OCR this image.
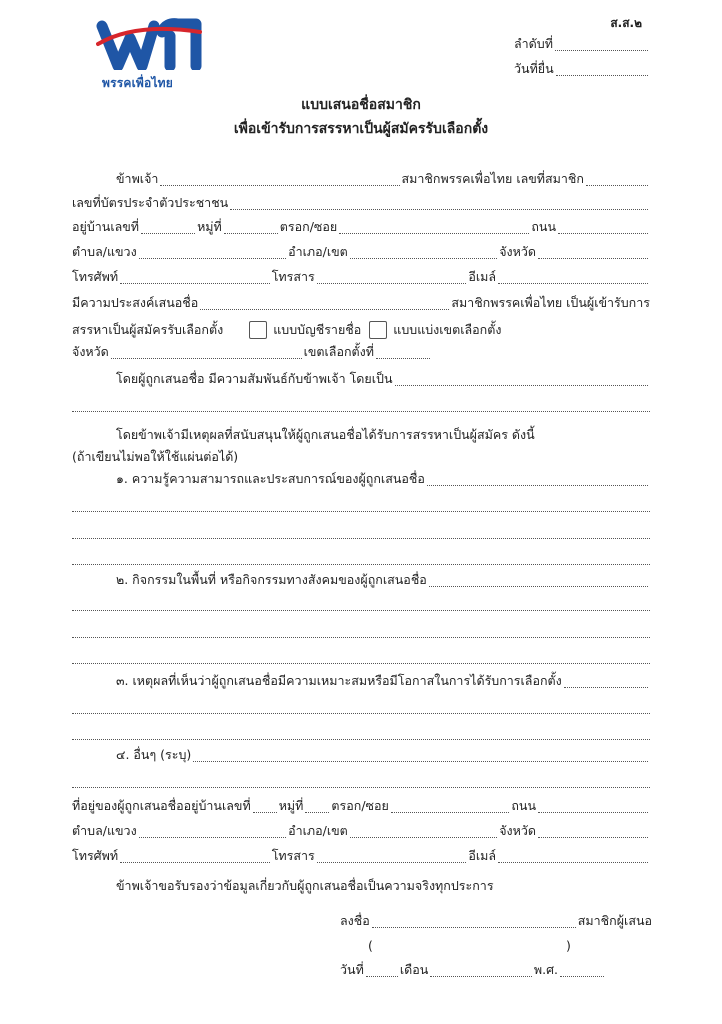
พรรคเพื่อไทย
ส.ส.๒
ลำดับที่
วันที่ยื่น
แบบเสนอชื่อสมาชิก
เพื่อเข้ารับการสรรหาเป็นผู้สมัครรับเลือกตั้ง
ข้าพเจ้า	สมาชิกพรรคเพื่อไทย เลขที่สมาชิก
เลขที่บัตรประจำตัวประชาชน
อยู่บ้านเลขที่	หมู่ที่	ตรอก/ซอย	ถนน
ตำบล/แขวง	อำเภอ/เขต	จังหวัด
โทรศัพท์	โทรสาร	อีเมล์
มีความประสงค์เสนอชื่อ	สมาชิกพรรคเพื่อไทย เป็นผู้เข้ารับการ
สรรหาเป็นผู้สมัครรับเลือกตั้ง	แบบบัญชีรายชื่อ	แบบแบ่งเขตเลือกตั้ง
จังหวัด	เขตเลือกตั้งที่
โดยผู้ถูกเสนอชื่อ มีความสัมพันธ์กับข้าพเจ้า โดยเป็น
โดยข้าพเจ้ามีเหตุผลที่สนับสนุนให้ผู้ถูกเสนอชื่อได้รับการสรรหาเป็นผู้สมัคร ดังนี้
(ถ้าเขียนไม่พอให้ใช้แผ่นต่อได้)
๑. ความรู้ความสามารถและประสบการณ์ของผู้ถูกเสนอชื่อ
๒. กิจกรรมในพื้นที่ หรือกิจกรรมทางสังคมของผู้ถูกเสนอชื่อ
๓. เหตุผลที่เห็นว่าผู้ถูกเสนอชื่อมีความเหมาะสมหรือมีโอกาสในการได้รับการเลือกตั้ง
๔. อื่นๆ (ระบุ)
ที่อยู่ของผู้ถูกเสนอชื่ออยู่บ้านเลขที่ หมู่ที่ ตรอก/ซอย	ถนน
ตำบล/แขวง	อำเภอ/เขต	จังหวัด
โทรศัพท์	โทรสาร	อีเมล์
ข้าพเจ้าขอรับรองว่าข้อมูลเกี่ยวกับผู้ถูกเสนอชื่อเป็นความจริงทุกประการ
ลงชื่อ	สมาชิกผู้เสนอ
(	)
วันที่	เดือน	พ.ศ.
